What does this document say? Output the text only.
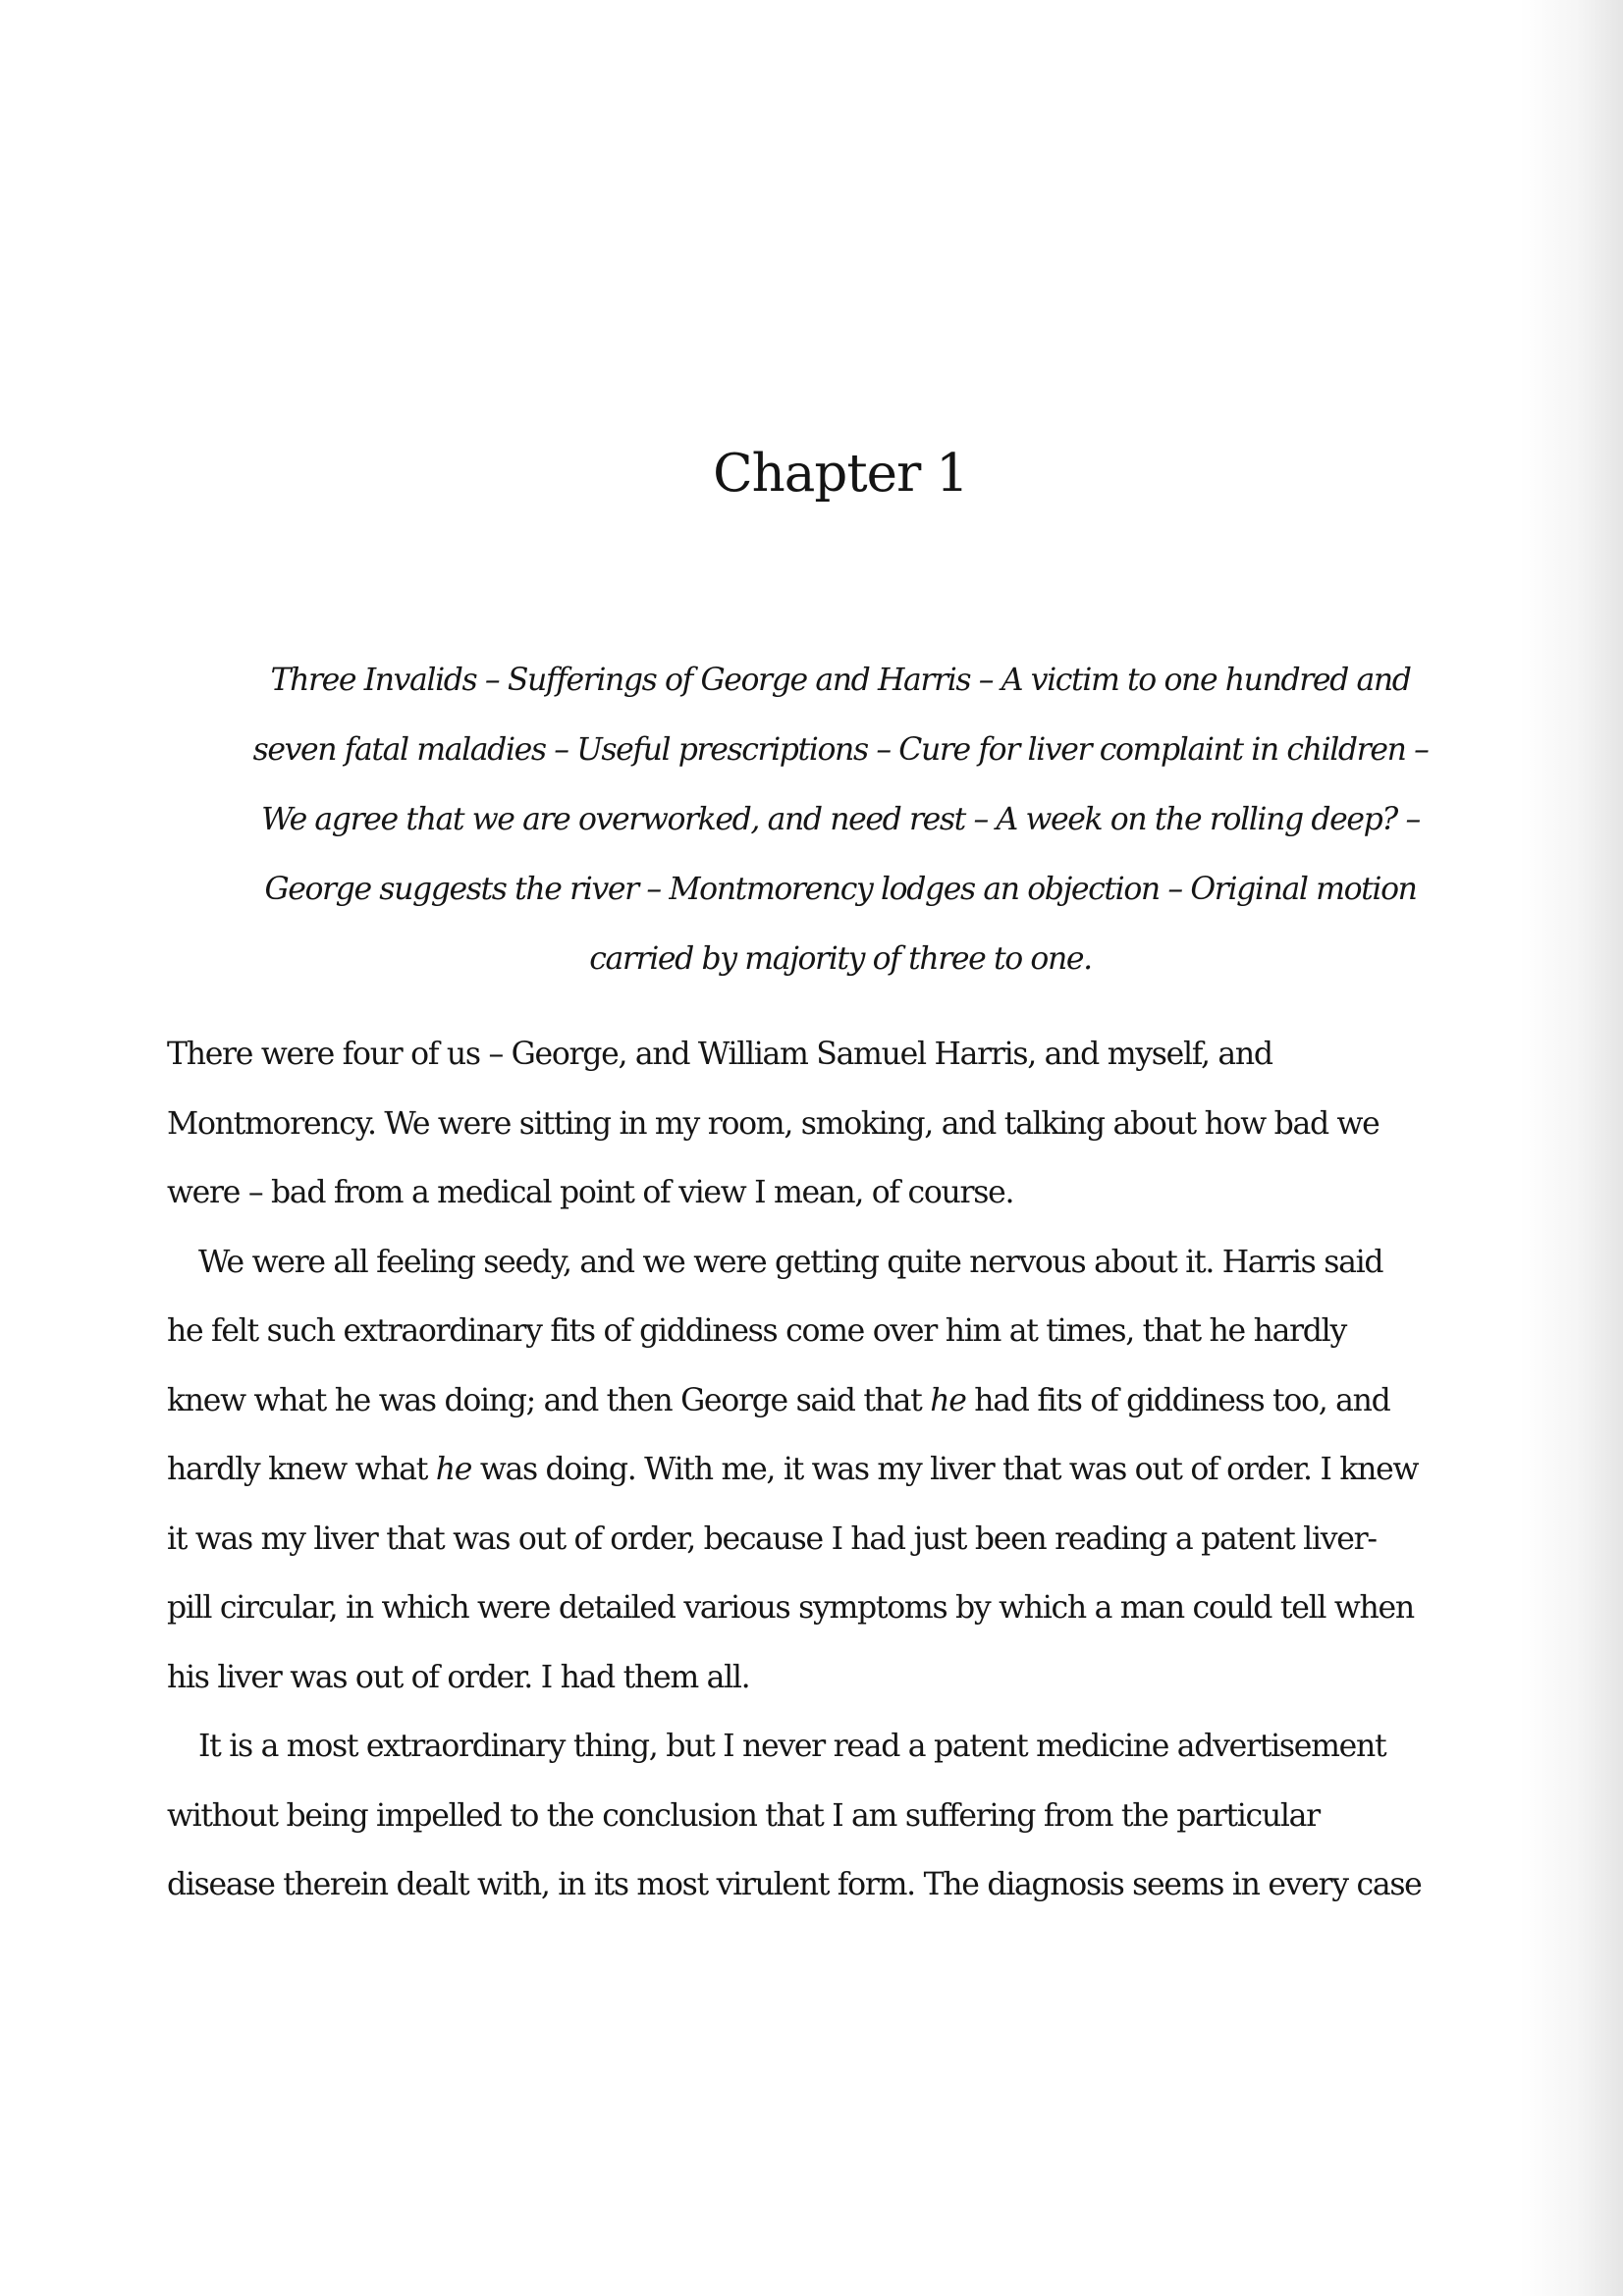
Chapter 1
Three Invalids – Sufferings of George and Harris – A victim to one hundred and
seven fatal maladies – Useful prescriptions – Cure for liver complaint in children –
We agree that we are overworked, and need rest – A week on the rolling deep? –
George suggests the river – Montmorency lodges an objection – Original motion
carried by majority of three to one.
There were four of us – George, and William Samuel Harris, and myself, and
Montmorency. We were sitting in my room, smoking, and talking about how bad we
were – bad from a medical point of view I mean, of course.
We were all feeling seedy, and we were getting quite nervous about it. Harris said
he felt such extraordinary fits of giddiness come over him at times, that he hardly
knew what he was doing; and then George said that he had fits of giddiness too, and
hardly knew what he was doing. With me, it was my liver that was out of order. I knew
it was my liver that was out of order, because I had just been reading a patent liver-
pill circular, in which were detailed various symptoms by which a man could tell when
his liver was out of order. I had them all.
It is a most extraordinary thing, but I never read a patent medicine advertisement
without being impelled to the conclusion that I am suffering from the particular
disease therein dealt with, in its most virulent form. The diagnosis seems in every case
